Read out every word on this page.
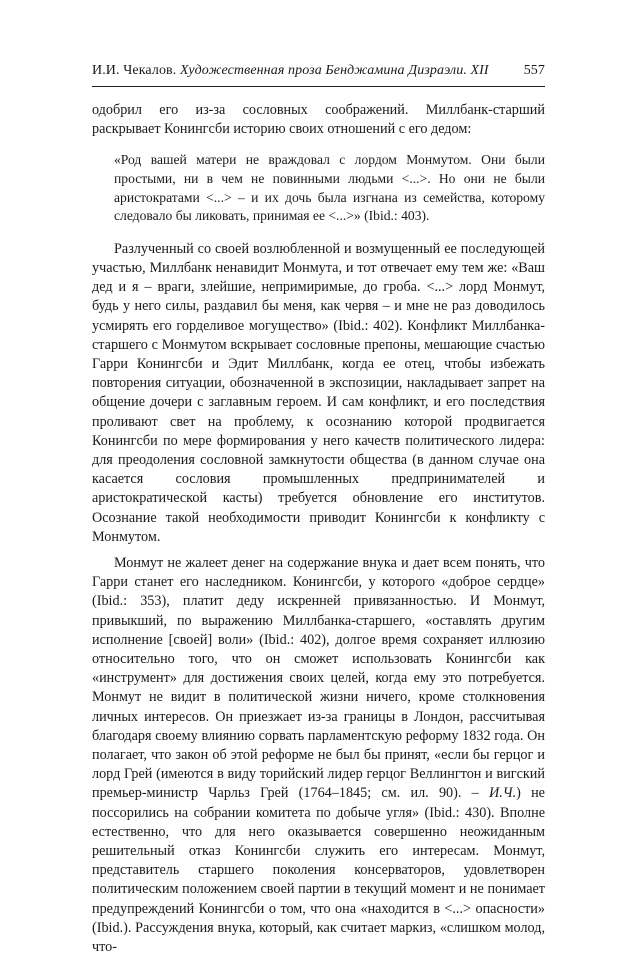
И.И. Чекалов. Художественная проза Бенджамина Дизраэли. XII 557

одобрил его из-за сословных соображений. Миллбанк-старший раскрывает Конингсби историю своих отношений с его дедом:

«Род вашей матери не враждовал с лордом Монмутом. Они были простыми, ни в чем не повинными людьми <...>. Но они не были аристократами <...> – и их дочь была изгнана из семейства, которому следовало бы ликовать, принимая ее <...>» (Ibid.: 403).

Разлученный со своей возлюбленной и возмущенный ее последующей участью, Миллбанк ненавидит Монмута, и тот отвечает ему тем же: «Ваш дед и я – враги, злейшие, непримиримые, до гроба. <...> лорд Монмут, будь у него силы, раздавил бы меня, как червя – и мне не раз доводилось усмирять его горделивое могущество» (Ibid.: 402). Конфликт Миллбанка-старшего с Монмутом вскрывает сословные препоны, мешающие счастью Гарри Конингсби и Эдит Миллбанк, когда ее отец, чтобы избежать повторения ситуации, обозначенной в экспозиции, накладывает запрет на общение дочери с заглавным героем. И сам конфликт, и его последствия проливают свет на проблему, к осознанию которой продвигается Конингсби по мере формирования у него качеств политического лидера: для преодоления сословной замкнутости общества (в данном случае она касается сословия промышленных предпринимателей и аристократической касты) требуется обновление его институтов. Осознание такой необходимости приводит Конингсби к конфликту с Монмутом.

Монмут не жалеет денег на содержание внука и дает всем понять, что Гарри станет его наследником. Конингсби, у которого «доброе сердце» (Ibid.: 353), платит деду искренней привязанностью. И Монмут, привыкший, по выражению Миллбанка-старшего, «оставлять другим исполнение [своей] воли» (Ibid.: 402), долгое время сохраняет иллюзию относительно того, что он сможет использовать Конингсби как «инструмент» для достижения своих целей, когда ему это потребуется. Монмут не видит в политической жизни ничего, кроме столкновения личных интересов. Он приезжает из-за границы в Лондон, рассчитывая благодаря своему влиянию сорвать парламентскую реформу 1832 года. Он полагает, что закон об этой реформе не был бы принят, «если бы герцог и лорд Грей (имеются в виду торийский лидер герцог Веллингтон и вигский премьер-министр Чарльз Грей (1764–1845; см. ил. 90). – И.Ч.) не поссорились на собрании комитета по добыче угля» (Ibid.: 430). Вполне естественно, что для него оказывается совершенно неожиданным решительный отказ Конингсби служить его интересам. Монмут, представитель старшего поколения консерваторов, удовлетворен политическим положением своей партии в текущий момент и не понимает предупреждений Конингсби о том, что она «находится в <...> опасности» (Ibid.). Рассуждения внука, который, как считает маркиз, «слишком молод, что-
